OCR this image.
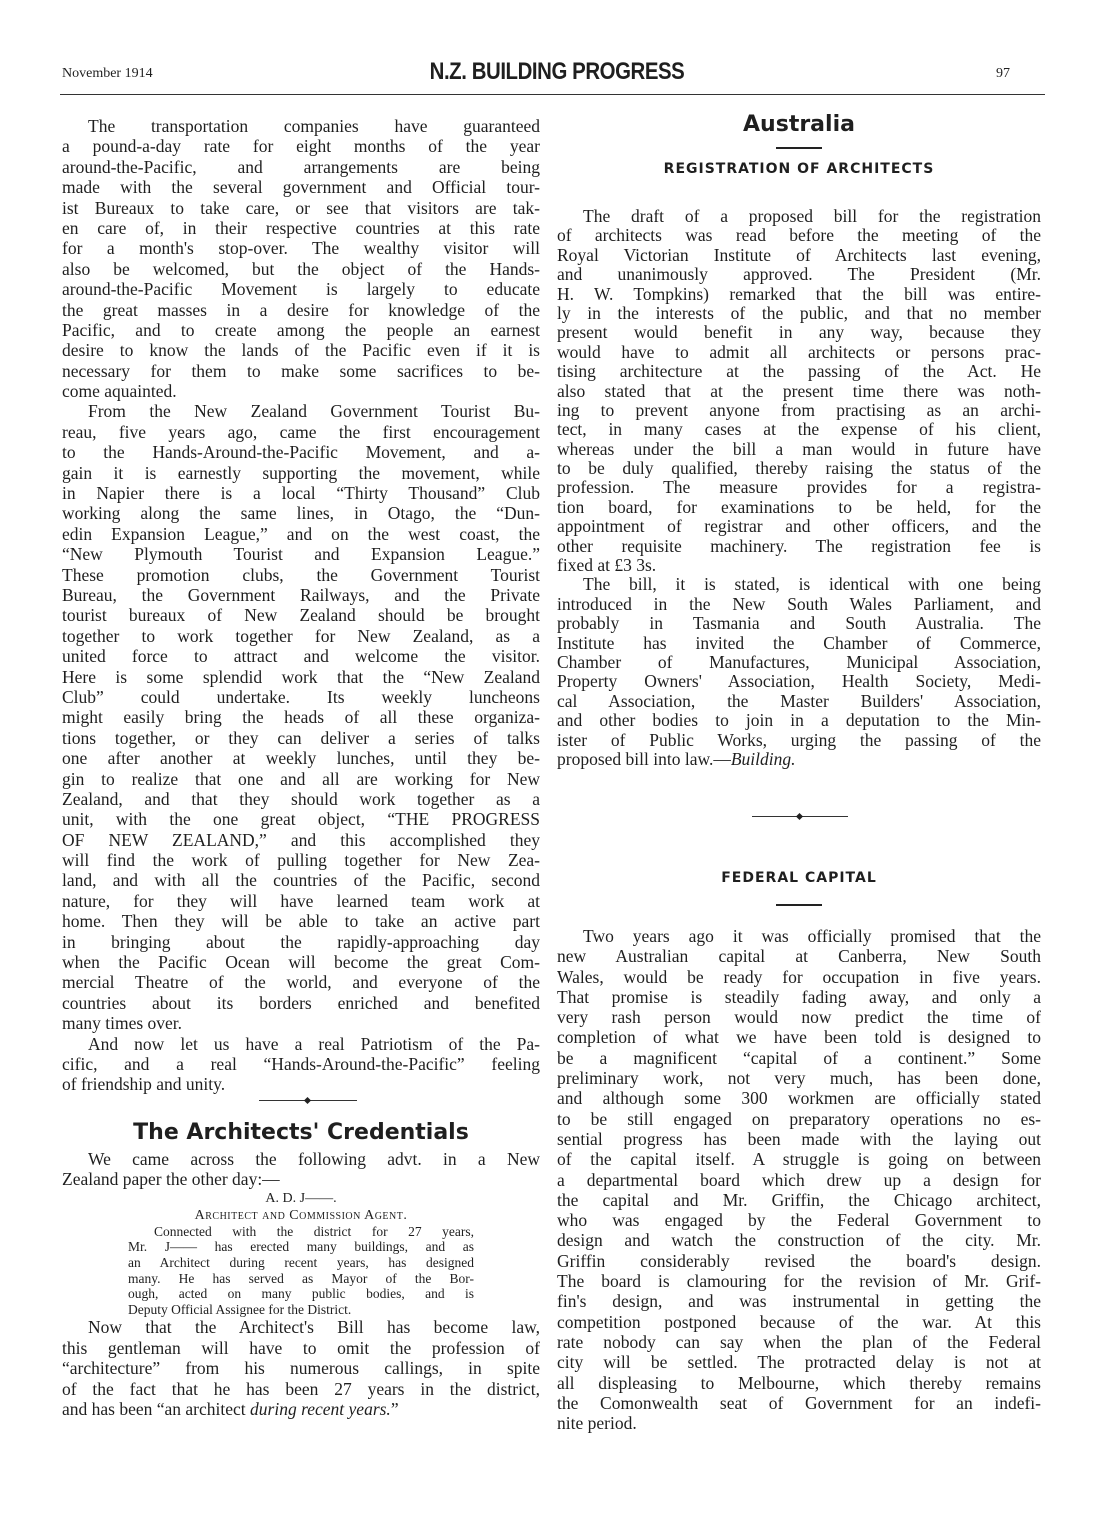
November 1914	N.Z. BUILDING PROGRESS	97
The transportation companies have guaranteed
a pound-a-day rate for eight months of the year
around-the-Pacific, and arrangements are being
made with the several government and Official tour-
ist Bureaux to take care, or see that visitors are tak-
en care of, in their respective countries at this rate
for a month's stop-over. The wealthy visitor will
also be welcomed, but the object of the Hands-
around-the-Pacific Movement is largely to educate
the great masses in a desire for knowledge of the
Pacific, and to create among the people an earnest
desire to know the lands of the Pacific even if it is
necessary for them to make some sacrifices to be-
come aquainted.
From the New Zealand Government Tourist Bu-
reau, five years ago, came the first encouragement
to the Hands-Around-the-Pacific Movement, and a-
gain it is earnestly supporting the movement, while
in Napier there is a local “Thirty Thousand” Club
working along the same lines, in Otago, the “Dun-
edin Expansion League,” and on the west coast, the
“New Plymouth Tourist and Expansion League.”
These promotion clubs, the Government Tourist
Bureau, the Government Railways, and the Private
tourist bureaux of New Zealand should be brought
together to work together for New Zealand, as a
united force to attract and welcome the visitor.
Here is some splendid work that the “New Zealand
Club” could undertake. Its weekly luncheons
might easily bring the heads of all these organiza-
tions together, or they can deliver a series of talks
one after another at weekly lunches, until they be-
gin to realize that one and all are working for New
Zealand, and that they should work together as a
unit, with the one great object, “THE PROGRESS
OF NEW ZEALAND,” and this accomplished they
will find the work of pulling together for New Zea-
land, and with all the countries of the Pacific, second
nature, for they will have learned team work at
home. Then they will be able to take an active part
in bringing about the rapidly-approaching day
when the Pacific Ocean will become the great Com-
mercial Theatre of the world, and everyone of the
countries about its borders enriched and benefited
many times over.
And now let us have a real Patriotism of the Pa-
cific, and a real “Hands-Around-the-Pacific” feeling
of friendship and unity.
The Architects' Credentials
We came across the following advt. in a New
Zealand paper the other day:—
A. D. J——.
Architect and Commission Agent.
Connected with the district for 27 years,
Mr. J—— has erected many buildings, and as
an Architect during recent years, has designed
many. He has served as Mayor of the Bor-
ough, acted on many public bodies, and is
Deputy Official Assignee for the District.
Now that the Architect's Bill has become law,
this gentleman will have to omit the profession of
“architecture” from his numerous callings, in spite
of the fact that he has been 27 years in the district,
and has been “an architect during recent years.”
Australia
REGISTRATION OF ARCHITECTS
The draft of a proposed bill for the registration
of architects was read before the meeting of the
Royal Victorian Institute of Architects last evening,
and unanimously approved. The President (Mr.
H. W. Tompkins) remarked that the bill was entire-
ly in the interests of the public, and that no member
present would benefit in any way, because they
would have to admit all architects or persons prac-
tising architecture at the passing of the Act. He
also stated that at the present time there was noth-
ing to prevent anyone from practising as an archi-
tect, in many cases at the expense of his client,
whereas under the bill a man would in future have
to be duly qualified, thereby raising the status of the
profession. The measure provides for a registra-
tion board, for examinations to be held, for the
appointment of registrar and other officers, and the
other requisite machinery. The registration fee is
fixed at £3 3s.
The bill, it is stated, is identical with one being
introduced in the New South Wales Parliament, and
probably in Tasmania and South Australia. The
Institute has invited the Chamber of Commerce,
Chamber of Manufactures, Municipal Association,
Property Owners' Association, Health Society, Medi-
cal Association, the Master Builders' Association,
and other bodies to join in a deputation to the Min-
ister of Public Works, urging the passing of the
proposed bill into law.—Building.
FEDERAL CAPITAL
Two years ago it was officially promised that the
new Australian capital at Canberra, New South
Wales, would be ready for occupation in five years.
That promise is steadily fading away, and only a
very rash person would now predict the time of
completion of what we have been told is designed to
be a magnificent “capital of a continent.” Some
preliminary work, not very much, has been done,
and although some 300 workmen are officially stated
to be still engaged on preparatory operations no es-
sential progress has been made with the laying out
of the capital itself. A struggle is going on between
a departmental board which drew up a design for
the capital and Mr. Griffin, the Chicago architect,
who was engaged by the Federal Government to
design and watch the construction of the city. Mr.
Griffin considerably revised the board's design.
The board is clamouring for the revision of Mr. Grif-
fin's design, and was instrumental in getting the
competition postponed because of the war. At this
rate nobody can say when the plan of the Federal
city will be settled. The protracted delay is not at
all displeasing to Melbourne, which thereby remains
the Comonwealth seat of Government for an indefi-
nite period.
